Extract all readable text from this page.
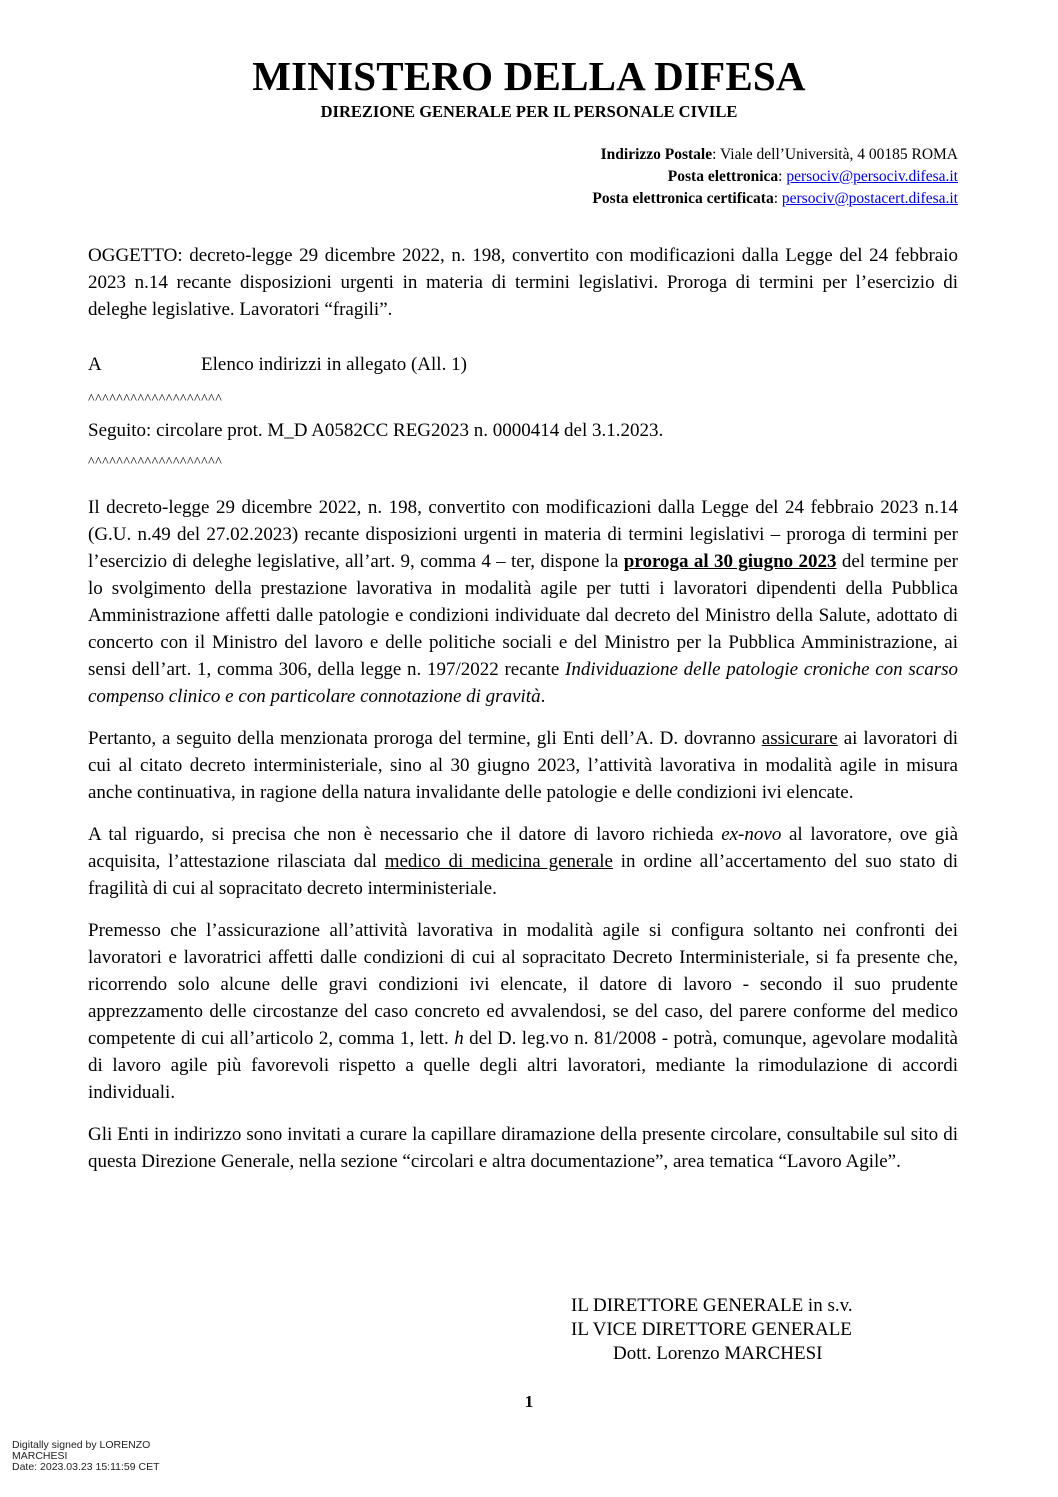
MINISTERO DELLA DIFESA
DIREZIONE GENERALE PER IL PERSONALE CIVILE
Indirizzo Postale: Viale dell’Università, 4 00185 ROMA
Posta elettronica: persociv@persociv.difesa.it
Posta elettronica certificata: persociv@postacert.difesa.it
OGGETTO: decreto-legge 29 dicembre 2022, n. 198, convertito con modificazioni dalla Legge del 24 febbraio 2023 n.14 recante disposizioni urgenti in materia di termini legislativi. Proroga di termini per l’esercizio di deleghe legislative. Lavoratori “fragili”.
A	Elenco indirizzi in allegato (All. 1)
^^^^^^^^^^^^^^^^^^^
Seguito: circolare prot. M_D A0582CC REG2023 n. 0000414 del 3.1.2023.
^^^^^^^^^^^^^^^^^^^

Il decreto-legge 29 dicembre 2022, n. 198, convertito con modificazioni dalla Legge del 24 febbraio 2023 n.14 (G.U. n.49 del 27.02.2023) recante disposizioni urgenti in materia di termini legislativi – proroga di termini per l’esercizio di deleghe legislative, all’art. 9, comma 4 – ter, dispone la proroga al 30 giugno 2023 del termine per lo svolgimento della prestazione lavorativa in modalità agile per tutti i lavoratori dipendenti della Pubblica Amministrazione affetti dalle patologie e condizioni individuate dal decreto del Ministro della Salute, adottato di concerto con il Ministro del lavoro e delle politiche sociali e del Ministro per la Pubblica Amministrazione, ai sensi dell’art. 1, comma 306, della legge n. 197/2022 recante Individuazione delle patologie croniche con scarso compenso clinico e con particolare connotazione di gravità.

Pertanto, a seguito della menzionata proroga del termine, gli Enti dell’A. D. dovranno assicurare ai lavoratori di cui al citato decreto interministeriale, sino al 30 giugno 2023, l’attività lavorativa in modalità agile in misura anche continuativa, in ragione della natura invalidante delle patologie e delle condizioni ivi elencate.

A tal riguardo, si precisa che non è necessario che il datore di lavoro richieda ex-novo al lavoratore, ove già acquisita, l’attestazione rilasciata dal medico di medicina generale in ordine all’accertamento del suo stato di fragilità di cui al sopracitato decreto interministeriale.

Premesso che l’assicurazione all’attività lavorativa in modalità agile si configura soltanto nei confronti dei lavoratori e lavoratrici affetti dalle condizioni di cui al sopracitato Decreto Interministeriale, si fa presente che, ricorrendo solo alcune delle gravi condizioni ivi elencate, il datore di lavoro - secondo il suo prudente apprezzamento delle circostanze del caso concreto ed avvalendosi, se del caso, del parere conforme del medico competente di cui all’articolo 2, comma 1, lett. h del D. leg.vo n. 81/2008 - potrà, comunque, agevolare modalità di lavoro agile più favorevoli rispetto a quelle degli altri lavoratori, mediante la rimodulazione di accordi individuali.

Gli Enti in indirizzo sono invitati a curare la capillare diramazione della presente circolare, consultabile sul sito di questa Direzione Generale, nella sezione “circolari e altra documentazione”, area tematica “Lavoro Agile”.

IL DIRETTORE GENERALE in s.v.
IL VICE DIRETTORE GENERALE
Dott. Lorenzo MARCHESI
1
Digitally signed by LORENZO
MARCHESI
Date: 2023.03.23 15:11:59 CET
